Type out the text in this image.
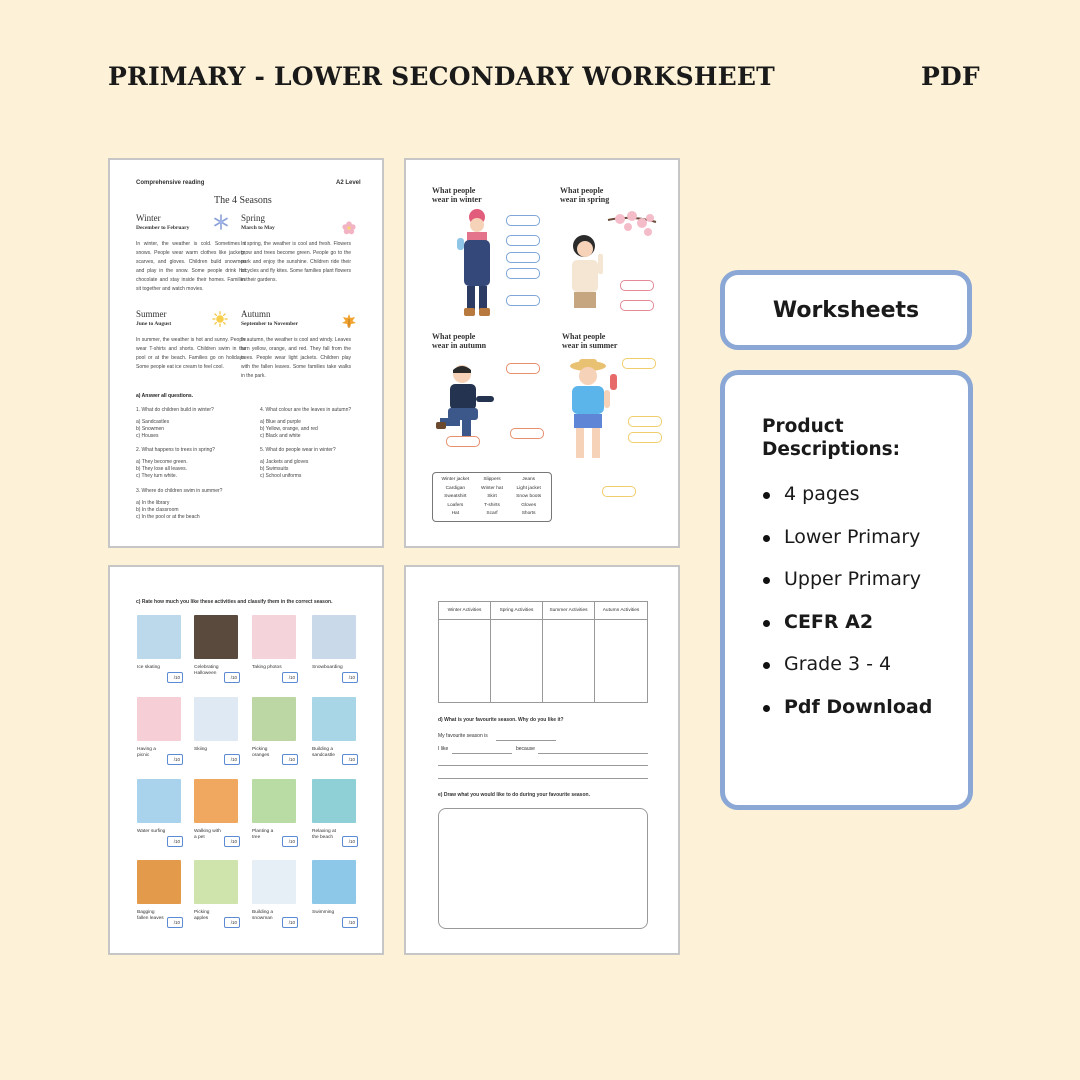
PRIMARY - LOWER SECONDARY WORKSHEET	PDF
Comprehensive reading	A2 Level
The 4 Seasons
Winter
December to February
In winter, the weather is cold. Sometimes it snows. People wear warm clothes like jackets, scarves, and gloves. Children build snowmen and play in the snow. Some people drink hot chocolate and stay inside their homes. Families sit together and watch movies.
Spring
March to May
In spring, the weather is cool and fresh. Flowers grow and trees become green. People go to the park and enjoy the sunshine. Children ride their bicycles and fly kites. Some families plant flowers in their gardens.
Summer
June to August
In summer, the weather is hot and sunny. People wear T-shirts and shorts. Children swim in the pool or at the beach. Families go on holidays. Some people eat ice cream to feel cool.
Autumn
September to November
In autumn, the weather is cool and windy. Leaves turn yellow, orange, and red. They fall from the trees. People wear light jackets. Children play with the fallen leaves. Some families take walks in the park.
a) Answer all questions.
1. What do children build in winter?
a) Sandcastles
b) Snowmen
c) Houses
2. What happens to trees in spring?
a) They become green.
b) They lose all leaves.
c) They turn white.
3. Where do children swim in summer?
a) In the library
b) In the classroom
c) In the pool or at the beach
4. What colour are the leaves in autumn?
a) Blue and purple
b) Yellow, orange, and red
c) Black and white
5. What do people wear in winter?
a) Jackets and gloves
b) Swimsuits
c) School uniforms
What people
wear in winter
What people
wear in spring
What people
wear in autumn
What people
wear in summer
Winter jacket	Slippers	Jeans
Cardigan	Winter hat	Light jacket
Sweatshirt	Skirt	Snow boots
Loafers	T-shirts	Gloves
Hat	Scarf	Shorts
c) Rate how much you like these activities and classify them in the correct season.
Ice skating
/10
Celebrating Halloween
/10
Taking photos
/10
Snowboarding
/10
Having a picnic
/10
Skiing
/10
Picking oranges
/10
Building a sandcastle
/10
Water surfing
/10
Walking with a pet
/10
Planting a tree
/10
Relaxing at the beach
/10
Bagging fallen leaves
/10
Picking apples
/10
Building a snowman
/10
Swimming
/10
Winter Activities	Spring Activities	Summer Activities	Autumn Activities
d) What is your favourite season. Why do you like it?
My favourite season is
I like	because
e) Draw what you would like to do during your favourite season.
Worksheets
Product
Descriptions:
4 pages
Lower Primary
Upper Primary
CEFR A2
Grade 3 - 4
Pdf Download
